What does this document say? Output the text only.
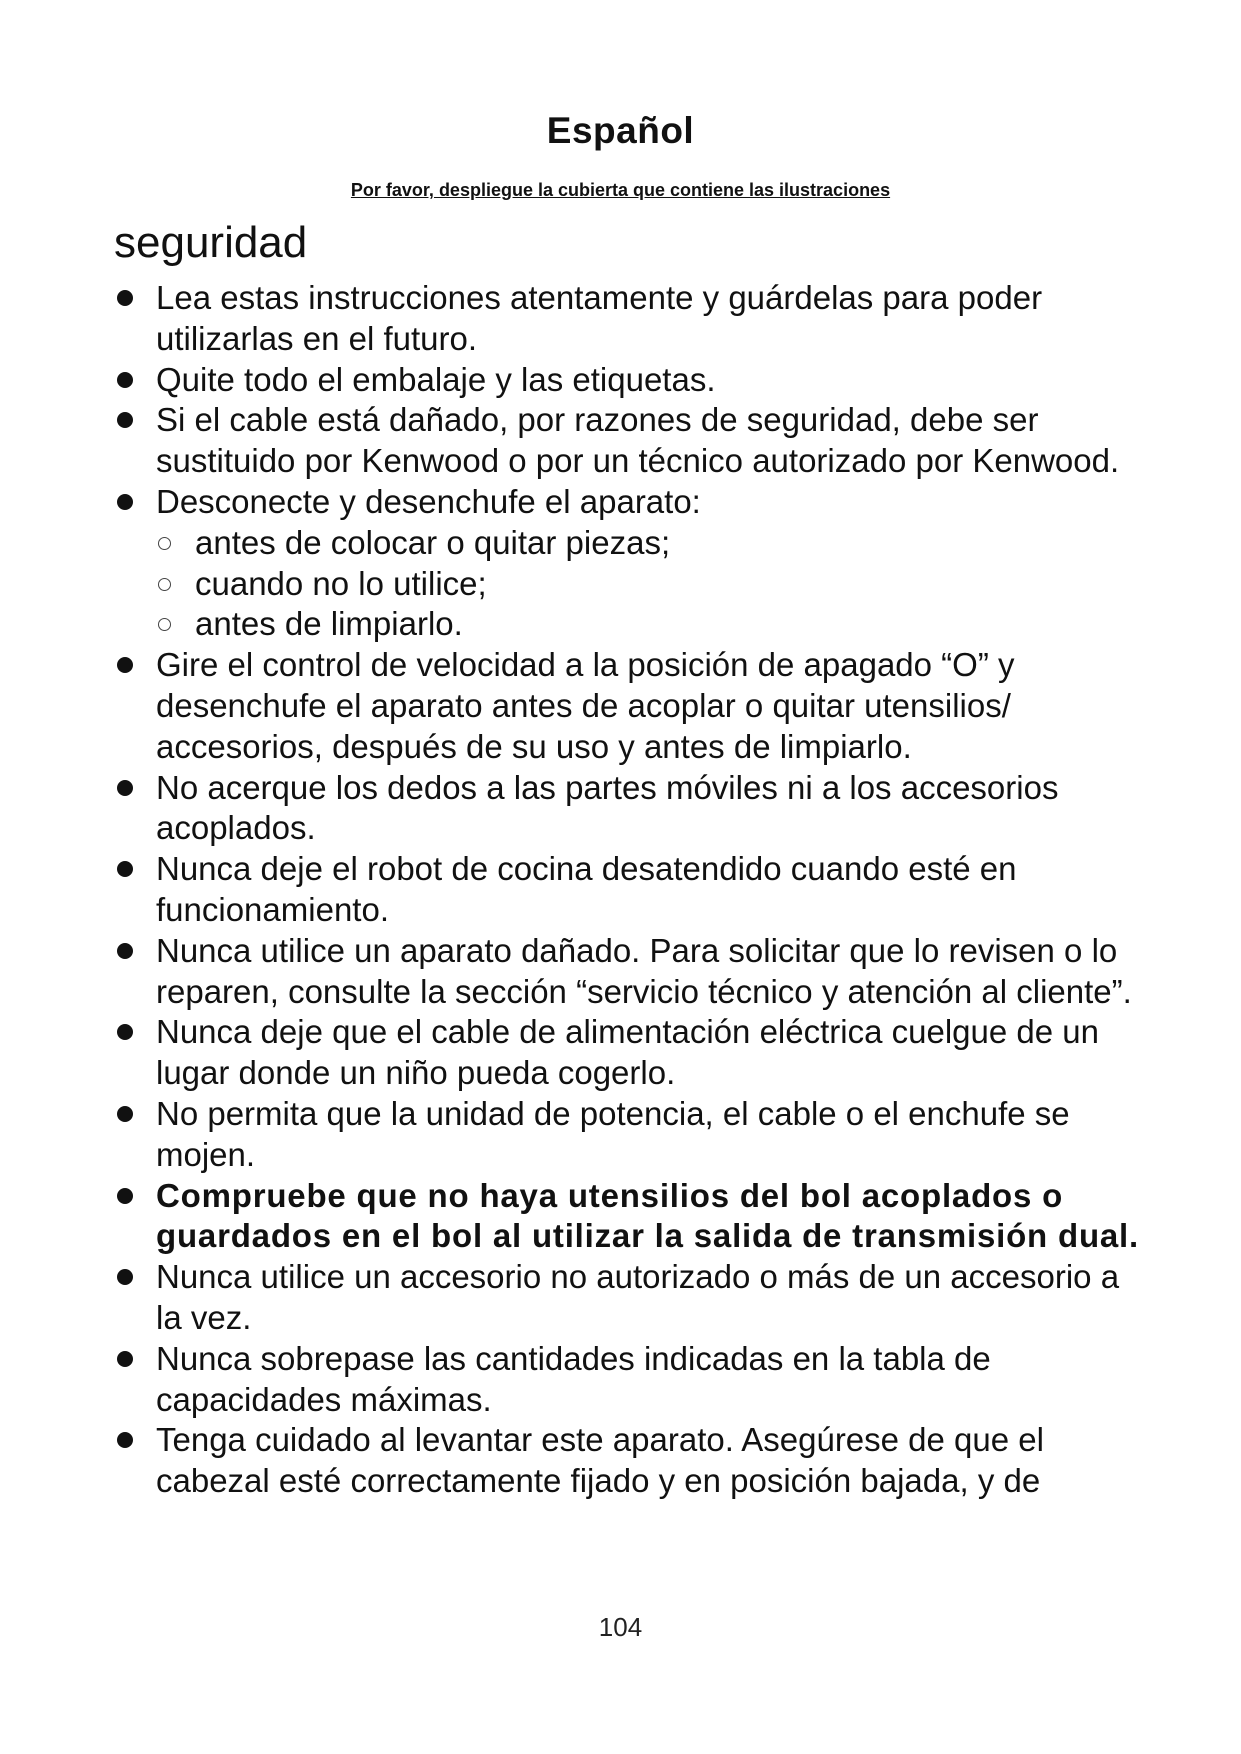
Español
Por favor, despliegue la cubierta que contiene las ilustraciones
seguridad
Lea estas instrucciones atentamente y guárdelas para poder utilizarlas en el futuro.
Quite todo el embalaje y las etiquetas.
Si el cable está dañado, por razones de seguridad, debe ser sustituido por Kenwood o por un técnico autorizado por Kenwood.
Desconecte y desenchufe el aparato:
antes de colocar o quitar piezas;
cuando no lo utilice;
antes de limpiarlo.
Gire el control de velocidad a la posición de apagado “O” y desenchufe el aparato antes de acoplar o quitar utensilios/ accesorios, después de su uso y antes de limpiarlo.
No acerque los dedos a las partes móviles ni a los accesorios acoplados.
Nunca deje el robot de cocina desatendido cuando esté en funcionamiento.
Nunca utilice un aparato dañado. Para solicitar que lo revisen o lo reparen, consulte la sección “servicio técnico y atención al cliente”.
Nunca deje que el cable de alimentación eléctrica cuelgue de un lugar donde un niño pueda cogerlo.
No permita que la unidad de potencia, el cable o el enchufe se mojen.
Compruebe que no haya utensilios del bol acoplados o guardados en el bol al utilizar la salida de transmisión dual.
Nunca utilice un accesorio no autorizado o más de un accesorio a la vez.
Nunca sobrepase las cantidades indicadas en la tabla de capacidades máximas.
Tenga cuidado al levantar este aparato. Asegúrese de que el cabezal esté correctamente fijado y en posición bajada, y de
104
